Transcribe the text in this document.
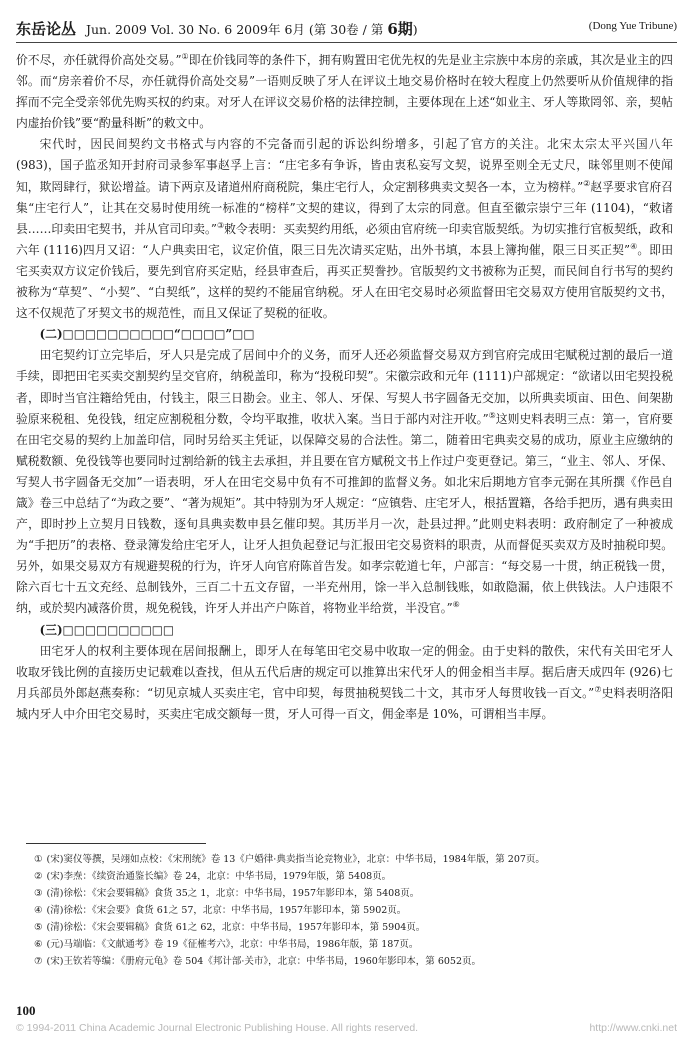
东岳论丛 Jun. 2009 Vol. 30 No. 6 2009年 6月 (第 30卷 / 第 6期)	(Dong Yue Tribune)

价不尽，亦任就得价高处交易。”①即在价钱同等的条件下，拥有购置田宅优先权的先是业主宗族中本房的亲戚，其次是业主的四邻。而“房亲着价不尽，亦任就得价高处交易”一语则反映了牙人在评议土地交易价格时在较大程度上仍然要听从价值规律的指挥而不完全受亲邻优先购买权的约束。对牙人在评议交易价格的法律控制，主要体现在上述“如业主、牙人等欺罔邻、亲，契帖内虚抬价钱”要“酌量科断”的敕文中。

宋代时，因民间契约文书格式与内容的不完备而引起的诉讼纠纷增多，引起了官方的关注。北宋太宗太平兴国八年 (983)，国子监丞知开封府司录参军事赵孚上言：“庄宅多有争诉，皆由衷私妄写文契，说界至则全无丈尺，昧邻里则不使闻知，欺罔肆行，狱讼增益。请下两京及诸道州府商税院，集庄宅行人，众定割移典卖文契各一本，立为榜样。”②赵孚要求官府召集“庄宅行人”，让其在交易时使用统一标准的“榜样”文契的建议，得到了太宗的同意。但直至徽宗崇宁三年 (1104)，“敕诸县……印卖田宅契书，并从官司印卖。”③敕令表明：买卖契约用纸，必须由官府统一印卖官版契纸。为切实推行官板契纸，政和六年 (1116)四月又诏：“人户典卖田宅，议定价值，限三日先次请买定贴，出外书填，本县上簿拘催，限三日买正契”④。即田宅买卖双方议定价钱后，要先到官府买定贴，经县审查后，再买正契誊抄。官版契约文书被称为正契，而民间自行书写的契约被称为“草契”、“小契”、“白契纸”，这样的契约不能届官纳税。牙人在田宅交易时必须监督田宅交易双方使用官版契约文书，这不仅规范了牙契文书的规范性，而且又保证了契税的征收。

(二)□□□□□□□□□□“□□□□”□□

田宅契约订立完毕后，牙人只是完成了居间中介的义务，而牙人还必须监督交易双方到官府完成田宅赋税过割的最后一道手续，即把田宅买卖交割契约呈交官府，纳税盖印，称为“投税印契”。宋徽宗政和元年 (1111)户部规定：“欲诸以田宅契投税者，即时当官注籍给凭由，付钱主，限三日勘会。业主、邻人、牙保、写契人书字圆备无交加，以所典卖顷亩、田色、间架勘验原来税租、免役钱，纽定应割税租分数，令均平取推，收状入案。当日于部内对注开收。”⑤这则史料表明三点：第一，官府要在田宅交易的契约上加盖印信，同时另给买主凭证，以保障交易的合法性。第二，随着田宅典卖交易的成功，原业主应缴纳的赋税数额、免役钱等也要同时过割给新的钱主去承担，并且要在官方赋税文书上作过户变更登记。第三，“业主、邻人、牙保、写契人书字圆备无交加”一语表明，牙人在田宅交易中负有不可推卸的监督义务。如北宋后期地方官李元弼在其所撰《作邑自箴》卷三中总结了“为政之要”、“著为规矩”。其中特别为牙人规定：“应镇砦、庄宅牙人，根括置籍，各给手把历，遇有典卖田产，即时抄上立契月日钱数，逐旬具典卖数申县乞催印契。其历半月一次，赴县过押。”此则史料表明：政府制定了一种被成为“手把历”的表格、登录簿发给庄宅牙人，让牙人担负起登记与汇报田宅交易资料的职责，从而督促买卖双方及时抽税印契。另外，如果交易双方有规避契税的行为，许牙人向官府陈首告发。如孝宗乾道七年，户部言：“每交易一十贯，纳正税钱一贯，除六百七十五文充经、总制钱外，三百二十五文存留，一半充州用，馀一半入总制钱账，如敢隐漏，依上供钱法。人户违限不纳，或於契内减落价贯，规免税钱，许牙人并出产户陈首，将物业半给赏，半没官。”⑥

(三)□□□□□□□□□□

田宅牙人的权利主要体现在居间报酬上，即牙人在每笔田宅交易中收取一定的佣金。由于史料的散佚，宋代有关田宅牙人收取牙钱比例的直接历史记载难以查找，但从五代后唐的规定可以推算出宋代牙人的佣金相当丰厚。据后唐天成四年 (926)七月兵部员外郎赵燕奏称：“切见京城人买卖庄宅，官中印契，每贯抽税契钱二十文，其市牙人每贯收钱一百文。”⑦史料表明洛阳城内牙人中介田宅交易时，买卖庄宅成交额每一贯，牙人可得一百文，佣金率是 10%，可谓相当丰厚。

① (宋)窦仪等撰，吴翊如点校：《宋刑统》卷 13《户婚律·典卖指当论竞物业》，北京：中华书局，1984年版，第 207页。
② (宋)李焘：《续资治通鉴长编》卷 24，北京：中华书局，1979年版，第 5408页。
③ (清)徐松：《宋会要辑稿》食货 35之 1，北京：中华书局，1957年影印本，第 5408页。
④ (清)徐松：《宋会要》食货 61之 57，北京：中华书局，1957年影印本，第 5902页。
⑤ (清)徐松：《宋会要辑稿》食货 61之 62，北京：中华书局，1957年影印本，第 5904页。
⑥ (元)马端临：《文献通考》卷 19《征榷考六》，北京：中华书局，1986年版，第 187页。
⑦ (宋)王钦若等编：《册府元龟》卷 504《邦计部·关市》，北京：中华书局，1960年影印本，第 6052页。
100
© 1994-2011 China Academic Journal Electronic Publishing House. All rights reserved.	http://www.cnki.net
